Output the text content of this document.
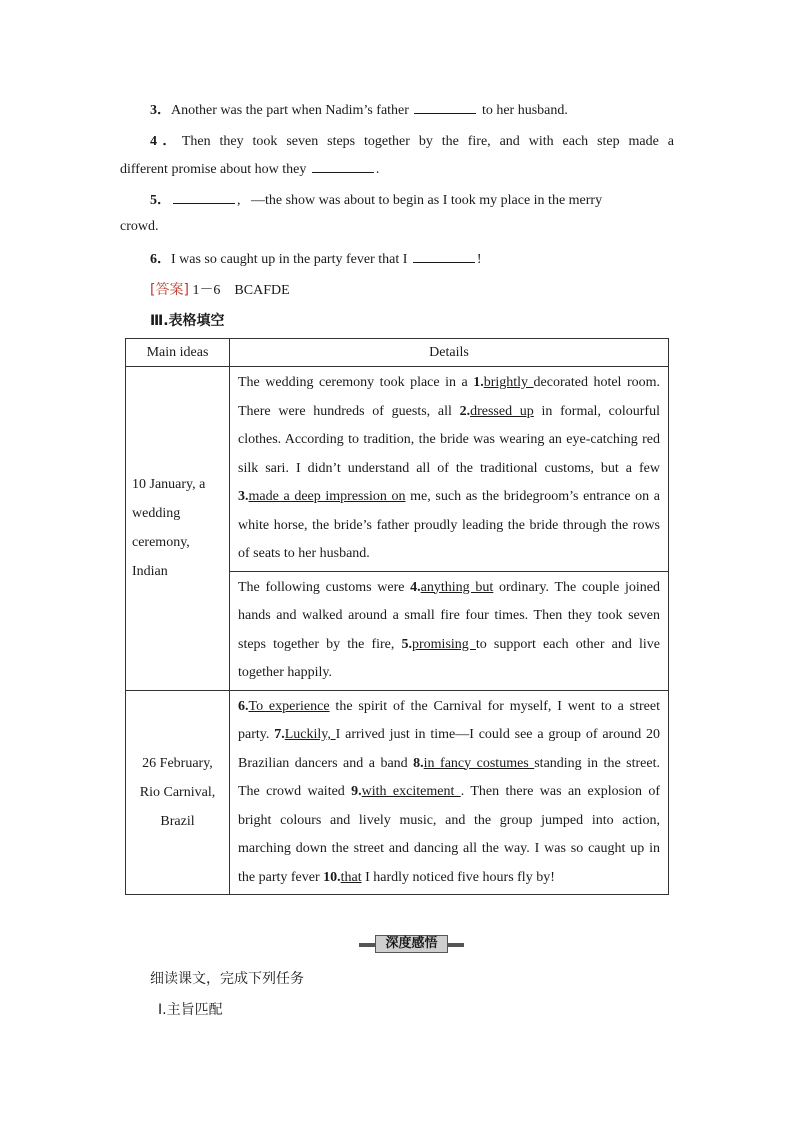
3．Another was the part when Nadim’s father	to her husband.
4．Then they took seven steps together by the fire, and with each step made a
different promise about how they	.
5．	, —the show was about to begin as I took my place in the merry
crowd.
6．I was so caught up in the party fever that I	!
[答案] 1－6　BCAFDE
Ⅲ.表格填空
Main ideas	Details
10 January, a wedding ceremony, Indian	The wedding ceremony took place in a 1.brightly decorated hotel room. There were hundreds of guests, all 2.dressed up in formal, colourful clothes. According to tradition, the bride was wearing an eye-catching red silk sari. I didn’t understand all of the traditional customs, but a few 3.made a deep impression on me, such as the bridegroom’s entrance on a white horse, the bride’s father proudly leading the bride through the rows of seats to her husband.
	The following customs were 4.anything but ordinary. The couple joined hands and walked around a small fire four times. Then they took seven steps together by the fire, 5.promising to support each other and live together happily.
26 February, Rio Carnival, Brazil	6.To experience the spirit of the Carnival for myself, I went to a street party. 7.Luckily, I arrived just in time—I could see a group of around 20 Brazilian dancers and a band 8.in fancy costumes standing in the street. The crowd waited 9.with excitement . Then there was an explosion of bright colours and lively music, and the group jumped into action, marching down the street and dancing all the way. I was so caught up in the party fever 10.that I hardly noticed five hours fly by!
深度感悟
细读课文，完成下列任务
Ⅰ.主旨匹配
